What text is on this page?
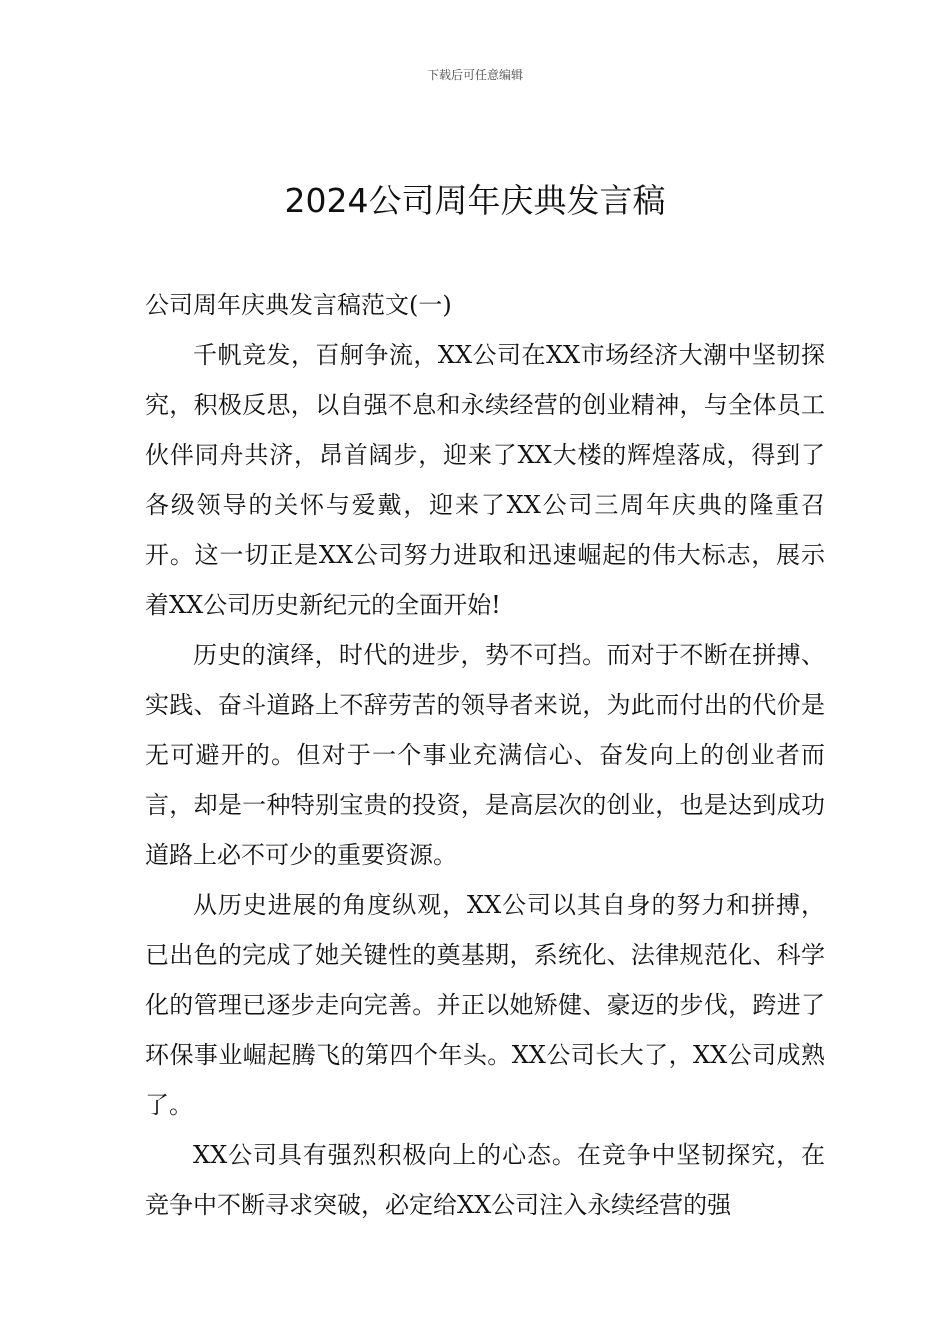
下载后可任意编辑
2024公司周年庆典发言稿

公司周年庆典发言稿范文(一)

千帆竞发，百舸争流，XX公司在XX市场经济大潮中坚韧探究，积极反思，以自强不息和永续经营的创业精神，与全体员工伙伴同舟共济，昂首阔步，迎来了XX大楼的辉煌落成，得到了各级领导的关怀与爱戴，迎来了XX公司三周年庆典的隆重召开。这一切正是XX公司努力进取和迅速崛起的伟大标志，展示着XX公司历史新纪元的全面开始!

历史的演绎，时代的进步，势不可挡。而对于不断在拼搏、实践、奋斗道路上不辞劳苦的领导者来说，为此而付出的代价是无可避开的。但对于一个事业充满信心、奋发向上的创业者而言，却是一种特别宝贵的投资，是高层次的创业，也是达到成功道路上必不可少的重要资源。

从历史进展的角度纵观，XX公司以其自身的努力和拼搏，已出色的完成了她关键性的奠基期，系统化、法律规范化、科学化的管理已逐步走向完善。并正以她矫健、豪迈的步伐，跨进了环保事业崛起腾飞的第四个年头。XX公司长大了，XX公司成熟了。

XX公司具有强烈积极向上的心态。在竞争中坚韧探究，在竞争中不断寻求突破，必定给XX公司注入永续经营的强
